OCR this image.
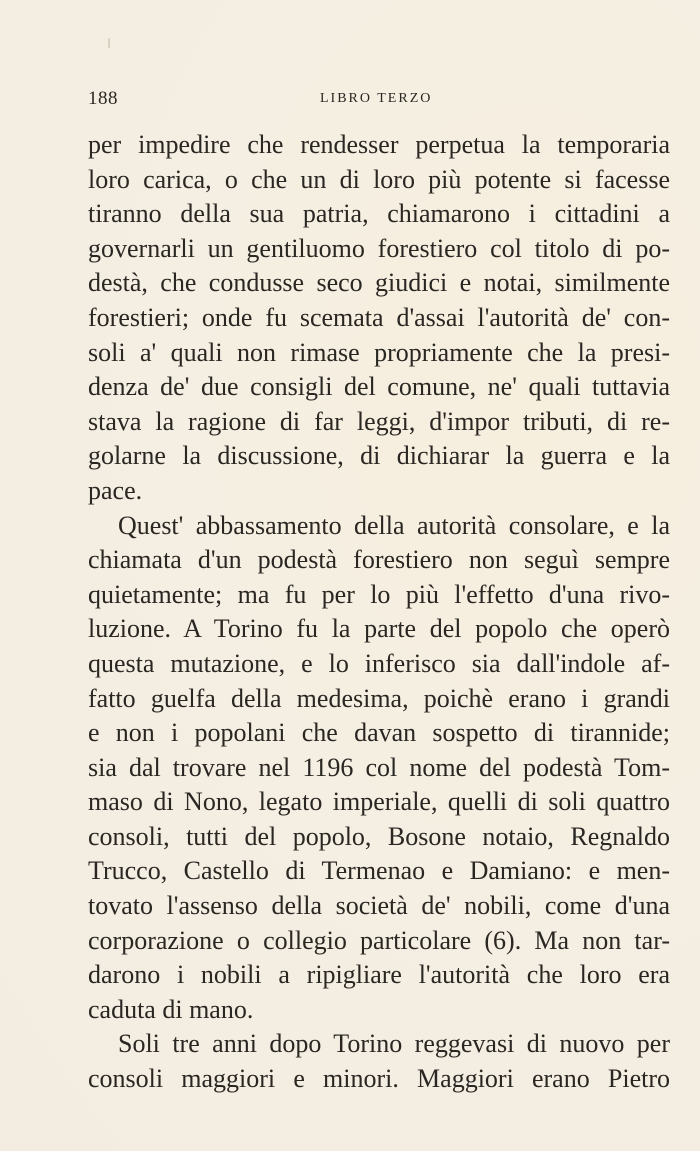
188	LIBRO TERZO
per impedire che rendesser perpetua la temporaria
loro carica, o che un di loro più potente si facesse
tiranno della sua patria, chiamarono i cittadini a
governarli un gentiluomo forestiero col titolo di po-
destà, che condusse seco giudici e notai, similmente
forestieri; onde fu scemata d'assai l'autorità de' con-
soli a' quali non rimase propriamente che la presi-
denza de' due consigli del comune, ne' quali tuttavia
stava la ragione di far leggi, d'impor tributi, di re-
golarne la discussione, di dichiarar la guerra e la
pace.
Quest' abbassamento della autorità consolare, e la
chiamata d'un podestà forestiero non seguì sempre
quietamente; ma fu per lo più l'effetto d'una rivo-
luzione. A Torino fu la parte del popolo che operò
questa mutazione, e lo inferisco sia dall'indole af-
fatto guelfa della medesima, poichè erano i grandi
e non i popolani che davan sospetto di tirannide;
sia dal trovare nel 1196 col nome del podestà Tom-
maso di Nono, legato imperiale, quelli di soli quattro
consoli, tutti del popolo, Bosone notaio, Regnaldo
Trucco, Castello di Termenao e Damiano: e men-
tovato l'assenso della società de' nobili, come d'una
corporazione o collegio particolare (6). Ma non tar-
darono i nobili a ripigliare l'autorità che loro era
caduta di mano.
Soli tre anni dopo Torino reggevasi di nuovo per
consoli maggiori e minori. Maggiori erano Pietro
